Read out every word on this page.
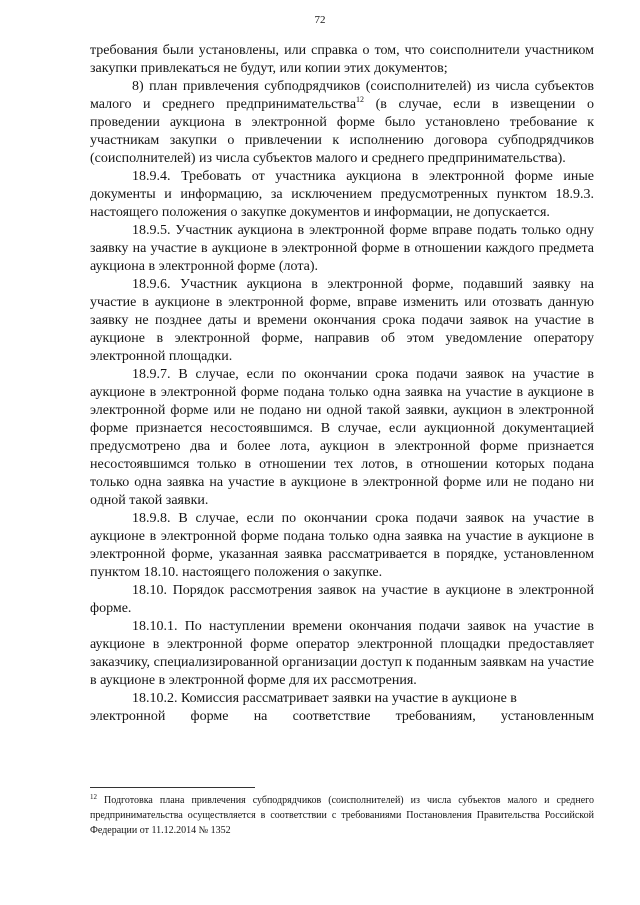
72

требования были установлены, или справка о том, что соисполнители участником закупки привлекаться не будут, или копии этих документов;

8) план привлечения субподрядчиков (соисполнителей) из числа субъектов малого и среднего предпринимательства$^{12}$ (в случае, если в извещении о проведении аукциона в электронной форме было установлено требование к участникам закупки о привлечении к исполнению договора субподрядчиков (соисполнителей) из числа субъектов малого и среднего предпринимательства).

18.9.4. Требовать от участника аукциона в электронной форме иные документы и информацию, за исключением предусмотренных пунктом 18.9.3. настоящего положения о закупке документов и информации, не допускается.

18.9.5. Участник аукциона в электронной форме вправе подать только одну заявку на участие в аукционе в электронной форме в отношении каждого предмета аукциона в электронной форме (лота).

18.9.6. Участник аукциона в электронной форме, подавший заявку на участие в аукционе в электронной форме, вправе изменить или отозвать данную заявку не позднее даты и времени окончания срока подачи заявок на участие в аукционе в электронной форме, направив об этом уведомление оператору электронной площадки.

18.9.7. В случае, если по окончании срока подачи заявок на участие в аукционе в электронной форме подана только одна заявка на участие в аукционе в электронной форме или не подано ни одной такой заявки, аукцион в электронной форме признается несостоявшимся. В случае, если аукционной документацией предусмотрено два и более лота, аукцион в электронной форме признается несостоявшимся только в отношении тех лотов, в отношении которых подана только одна заявка на участие в аукционе в электронной форме или не подано ни одной такой заявки.

18.9.8. В случае, если по окончании срока подачи заявок на участие в аукционе в электронной форме подана только одна заявка на участие в аукционе в электронной форме, указанная заявка рассматривается в порядке, установленном пунктом 18.10. настоящего положения о закупке.

18.10. Порядок рассмотрения заявок на участие в аукционе в электронной форме.

18.10.1. По наступлении времени окончания подачи заявок на участие в аукционе в электронной форме оператор электронной площадки предоставляет заказчику, специализированной организации доступ к поданным заявкам на участие в аукционе в электронной форме для их рассмотрения.

18.10.2. Комиссия рассматривает заявки на участие в аукционе в

электронной форме на соответствие требованиям, установленным

$^{12}$ Подготовка плана привлечения субподрядчиков (соисполнителей) из числа субъектов малого и среднего предпринимательства осуществляется в соответствии с требованиями Постановления Правительства Российской Федерации от 11.12.2014 № 1352
